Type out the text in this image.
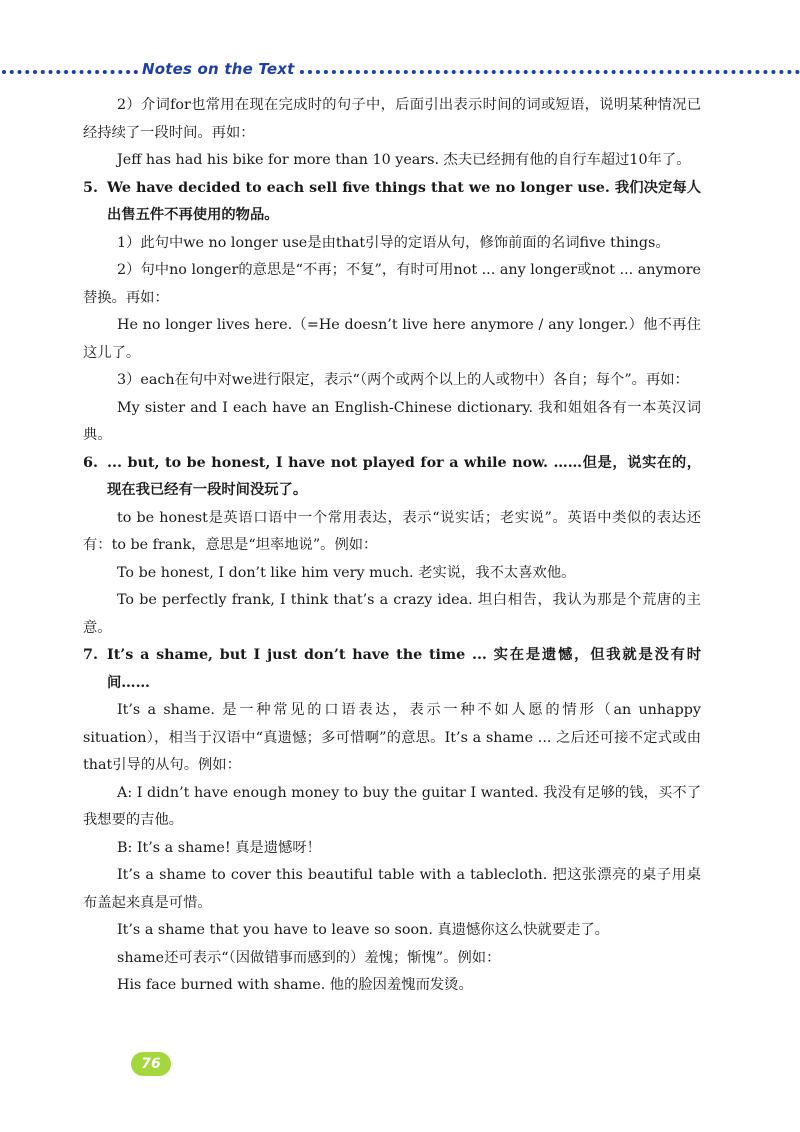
Notes on the Text

2）介词for也常用在现在完成时的句子中，后面引出表示时间的词或短语，说明某种情况已经持续了一段时间。再如：

Jeff has had his bike for more than 10 years. 杰夫已经拥有他的自行车超过10年了。

5. We have decided to each sell five things that we no longer use. 我们决定每人出售五件不再使用的物品。

1）此句中we no longer use是由that引导的定语从句，修饰前面的名词five things。

2）句中no longer的意思是“不再；不复”，有时可用not ... any longer或not ... anymore替换。再如：

He no longer lives here.（=He doesn’t live here anymore / any longer.）他不再住这儿了。

3）each在句中对we进行限定，表示“（两个或两个以上的人或物中）各自；每个”。再如：

My sister and I each have an English-Chinese dictionary. 我和姐姐各有一本英汉词典。

6. ... but, to be honest, I have not played for a while now. ……但是，说实在的，现在我已经有一段时间没玩了。

to be honest是英语口语中一个常用表达，表示“说实话；老实说”。英语中类似的表达还有：to be frank，意思是“坦率地说”。例如：

To be honest, I don’t like him very much. 老实说，我不太喜欢他。

To be perfectly frank, I think that’s a crazy idea. 坦白相告，我认为那是个荒唐的主意。

7. It’s a shame, but I just don’t have the time ... 实在是遗憾，但我就是没有时间……

It’s a shame. 是一种常见的口语表达，表示一种不如人愿的情形（an unhappy situation），相当于汉语中“真遗憾；多可惜啊”的意思。It’s a shame ... 之后还可接不定式或由that引导的从句。例如：

A: I didn’t have enough money to buy the guitar I wanted. 我没有足够的钱，买不了我想要的吉他。

B: It’s a shame! 真是遗憾呀！

It’s a shame to cover this beautiful table with a tablecloth. 把这张漂亮的桌子用桌布盖起来真是可惜。

It’s a shame that you have to leave so soon. 真遗憾你这么快就要走了。

shame还可表示“（因做错事而感到的）羞愧；惭愧”。例如：

His face burned with shame. 他的脸因羞愧而发烫。

76
